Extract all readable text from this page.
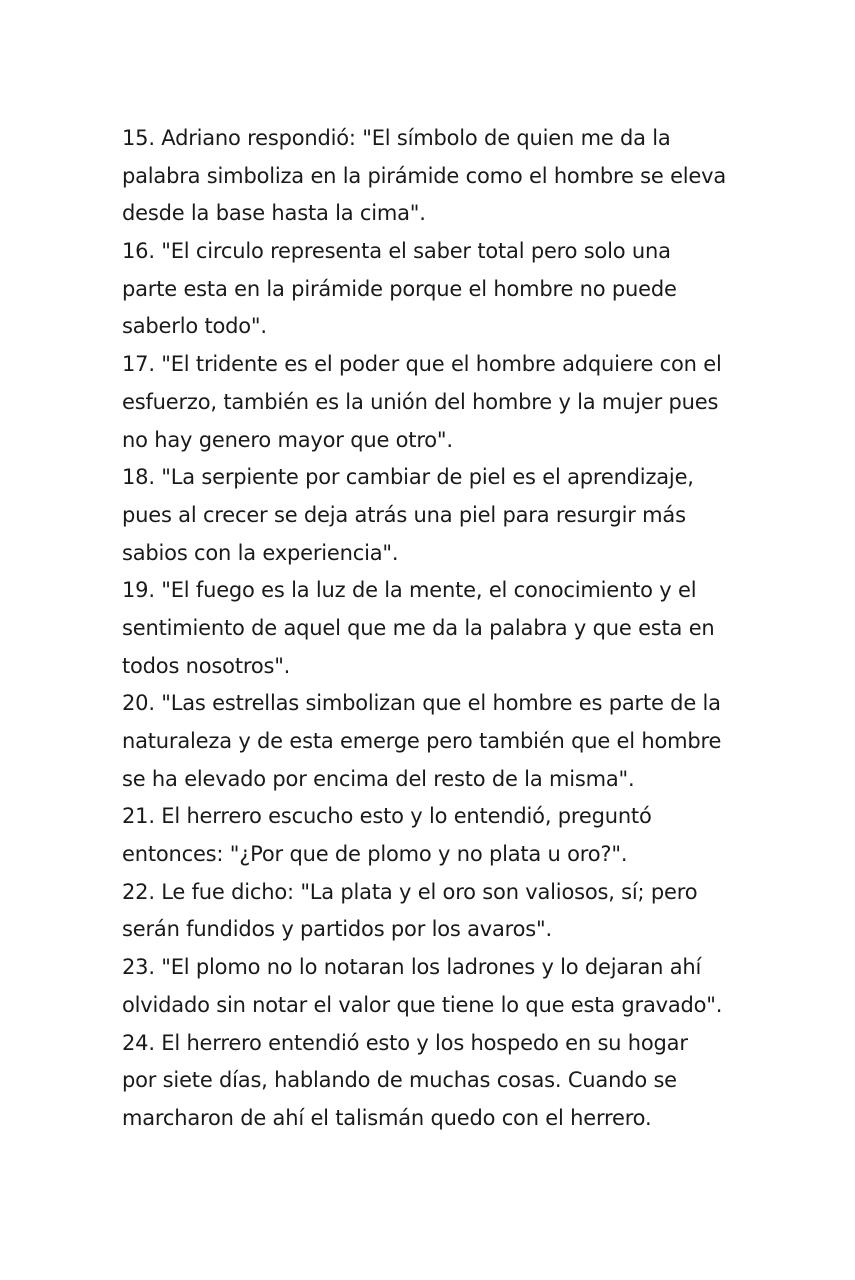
15. Adriano respondió: "El símbolo de quien me da la
palabra simboliza en la pirámide como el hombre se eleva
desde la base hasta la cima".
16. "El circulo representa el saber total pero solo una
parte esta en la pirámide porque el hombre no puede
saberlo todo".
17. "El tridente es el poder que el hombre adquiere con el
esfuerzo, también es la unión del hombre y la mujer pues
no hay genero mayor que otro".
18. "La serpiente por cambiar de piel es el aprendizaje,
pues al crecer se deja atrás una piel para resurgir más
sabios con la experiencia".
19. "El fuego es la luz de la mente, el conocimiento y el
sentimiento de aquel que me da la palabra y que esta en
todos nosotros".
20. "Las estrellas simbolizan que el hombre es parte de la
naturaleza y de esta emerge pero también que el hombre
se ha elevado por encima del resto de la misma".
21. El herrero escucho esto y lo entendió, preguntó
entonces: "¿Por que de plomo y no plata u oro?".
22. Le fue dicho: "La plata y el oro son valiosos, sí; pero
serán fundidos y partidos por los avaros".
23. "El plomo no lo notaran los ladrones y lo dejaran ahí
olvidado sin notar el valor que tiene lo que esta gravado".
24. El herrero entendió esto y los hospedo en su hogar
por siete días, hablando de muchas cosas. Cuando se
marcharon de ahí el talismán quedo con el herrero.
